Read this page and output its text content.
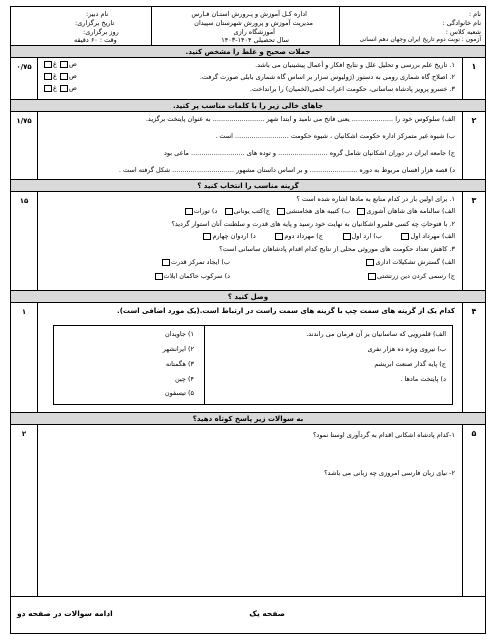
نام :
نام خانوادگی :
شعبه کلاس :
آزمون : نوبت دوم تاریخ ایران وجهان دهم انسانی
اداره کـل آموزش و پـرورش استـان فـارس
مدیریت آموزش و پرورش شهرستان سپیدان
آموزشگاه رازی
سال تحصیلی ۱۴۰۴-۱۴۰۳
نام دبیر:
تاریخ برگزاری:
روز برگزاری:
وقت : ۶۰ دقیقه
جملات صحیح و غلط را مشخص کنید.
۱
۰/۷۵	۱. تاریخ علم بررسی و تحلیل علل و نتایج افکار و أعمال پیشینیان می باشد.
۲. اصلاح گاه شماری رومی به دستور (ژولیوس سزار بر اساس گاه شماری بابلی صورت گرفت.
۳. خسرو پرویز پادشاه ساسانی، حکومت اعراب لخمی(لخمیان) را برانداخت.
ص غ
ص غ
ص غ
جاهای خالی زیر را با کلمات مناسب پر کنید.
۲
۱/۷۵	الف) سلوکوس خود را .................... یعنی فاتح می نامید و ابتدا شهر ......................... به عنوان پایتخت برگزید.
ب) شیوه غیر متمرکز اداره حکومت اشکانیان ، شیوه حکومت .......................... است .
ج) جامعه ایران در دوران اشکانیان شامل گروه ........................ و توده های .......................... ماعی بود
د) قصه هزار افسان مربوط به دوره ....................... و بر اساس داستان مشهور .............................. شکل گرفته است .
گزینه مناسب را انتخاب کنید ؟
۳
۱۵	۱. برای اولین بار در کدام منابع به مادها اشاره شده است ؟
الف) سالنامه های شاهان آشوری   ب) کتیبه های هخامنشی   ج)کتب یونانی   د) تورات
۲. با فتوحاتِ چه کسی قلمرو اشکانیان به نهایت خود رسید و پایه های قدرت و سلطنت آنان استوار گردید؟
الف) مهرداد اول         ب) ارد اول         ج) مهرداد دوم         د) اردوان چهارم
۳. کاهش تعداد حکومت های موروثی محلی از نتایج کدام اقدام پادشاهان ساسانی است؟
الف) گسترش تشکیلات اداری
ب) ایجاد تمرکز قدرت
ج) رسمی کردن دین زرتشتی
د) سرکوب حاکمان ایلات
وصل کنید ؟
۴
۱	کدام یک از گزینه های سمت چپ با گزینه های سمت راست در ارتباط است.(یک مورد اضافی است).
الف) قلمرویی که ساسانیان بر آن فرمان می راندند.
ب) نیروی ویژه ده هزار نفری
ج) پایه گذار صنعت ابریشم
د) پایتخت مادها .
۱) جاویدان
۲) ایرانشهر
۳) هگمتانه
۴) چین
۵) تیسفون
به سوالات زیر پاسخ کوتاه دهید؟
۵
۲	۱-کدام پادشاه اشکانی اقدام به گردآوری اوستا نمود؟
۲- نیای زبان فارسی امروزی چه زبانی می باشد؟
صفحه یک
ادامه سوالات در صفحه دو
